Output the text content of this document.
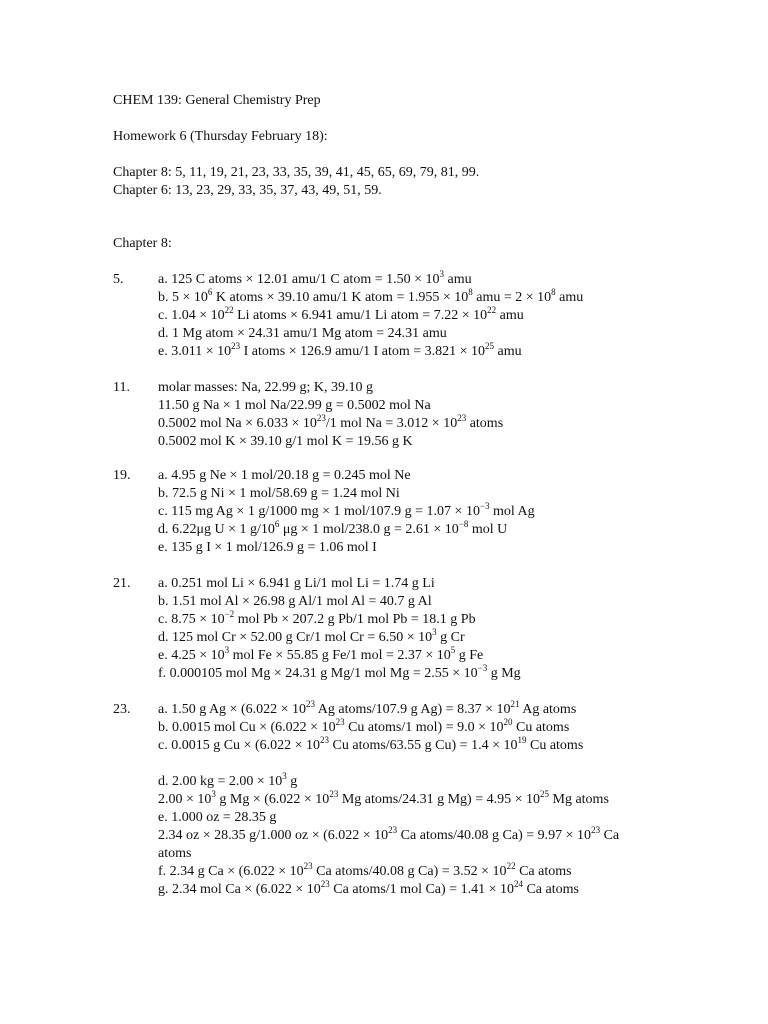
CHEM 139: General Chemistry Prep
Homework 6 (Thursday February 18):
Chapter 8: 5, 11, 19, 21, 23, 33, 35, 39, 41, 45, 65, 69, 79, 81, 99.
Chapter 6: 13, 23, 29, 33, 35, 37, 43, 49, 51, 59.
Chapter 8:
5. a. 125 C atoms × 12.01 amu/1 C atom = $1.50 \times 10^3$ amu
b. $5 \times 10^6$ K atoms × 39.10 amu/1 K atom = $1.955 \times 10^8$ amu = $2 \times 10^8$ amu
c. $1.04 \times 10^{22}$ Li atoms × 6.941 amu/1 Li atom = $7.22 \times 10^{22}$ amu
d. 1 Mg atom × 24.31 amu/1 Mg atom = 24.31 amu
e. $3.011 \times 10^{23}$ I atoms × 126.9 amu/1 I atom = $3.821 \times 10^{25}$ amu
11. molar masses: Na, 22.99 g; K, 39.10 g
11.50 g Na × 1 mol Na/22.99 g = 0.5002 mol Na
0.5002 mol $Na \times 6.033 \times 10^{23}/1$ mol $Na = 3.012 \times 10^{23}$ atoms
0.5002 mol K × 39.10 g/1 mol K = 19.56 g K
19. a. 4.95 g Ne × 1 mol/20.18 g = 0.245 mol Ne
b. 72.5 g Ni × 1 mol/58.69 g = 1.24 mol Ni
c. 115 mg Ag × 1 g/1000 mg × 1 mol/107.9 $g = 1.07 \times 10^{-3}$ mol Ag
d. 6.22μg U × 1 $g/10^6$ μg × 1 mol/238.0 $g = 2.61 \times 10^{-8}$ mol U
e. 135 g I × 1 mol/126.9 g = 1.06 mol I
21. a. 0.251 mol Li × 6.941 g Li/1 mol Li = 1.74 g Li
b. 1.51 mol Al × 26.98 g Al/1 mol Al = 40.7 g Al
c. $8.75 \times 10^{-2}$ mol Pb × 207.2 g Pb/1 mol Pb = 18.1 g Pb
d. 125 mol Cr × 52.00 g Cr/1 mol $Cr = 6.50 \times 10^3$ g Cr
e. $4.25 \times 10^3$ mol Fe × 55.85 g Fe/1 mol = $2.37 \times 10^5$ g Fe
f. 0.000105 mol Mg × 24.31 g Mg/1 mol $Mg = 2.55 \times 10^{-3}$ g Mg
23. a. 1.50 g $Ag \times (6.022 \times 10^{23}$ Ag atoms/107.9 g $Ag) = 8.37 \times 10^{21}$ Ag atoms
b. 0.0015 mol $Cu \times (6.022 \times 10^{23}$ Cu atoms/1 $mol) = 9.0 \times 10^{20}$ Cu atoms
c. 0.0015 g $Cu \times (6.022 \times 10^{23}$ Cu atoms/63.55 g $Cu) = 1.4 \times 10^{19}$ Cu atoms
d. 2.00 kg = $2.00 \times 10^3$ g
$2.00 \times 10^3$ g $Mg \times (6.022 \times 10^{23}$ Mg atoms/24.31 g $Mg) = 4.95 \times 10^{25}$ Mg atoms
e. 1.000 oz = 28.35 g
2.34 oz × 28.35 g/1.000 oz × ($6.022 \times 10^{23}$ Ca atoms/40.08 g $Ca) = 9.97 \times 10^{23}$ Ca
atoms
f. 2.34 g $Ca \times (6.022 \times 10^{23}$ Ca atoms/40.08 g $Ca) = 3.52 \times 10^{22}$ Ca atoms
g. 2.34 mol $Ca \times (6.022 \times 10^{23}$ Ca atoms/1 mol $Ca) = 1.41 \times 10^{24}$ Ca atoms
